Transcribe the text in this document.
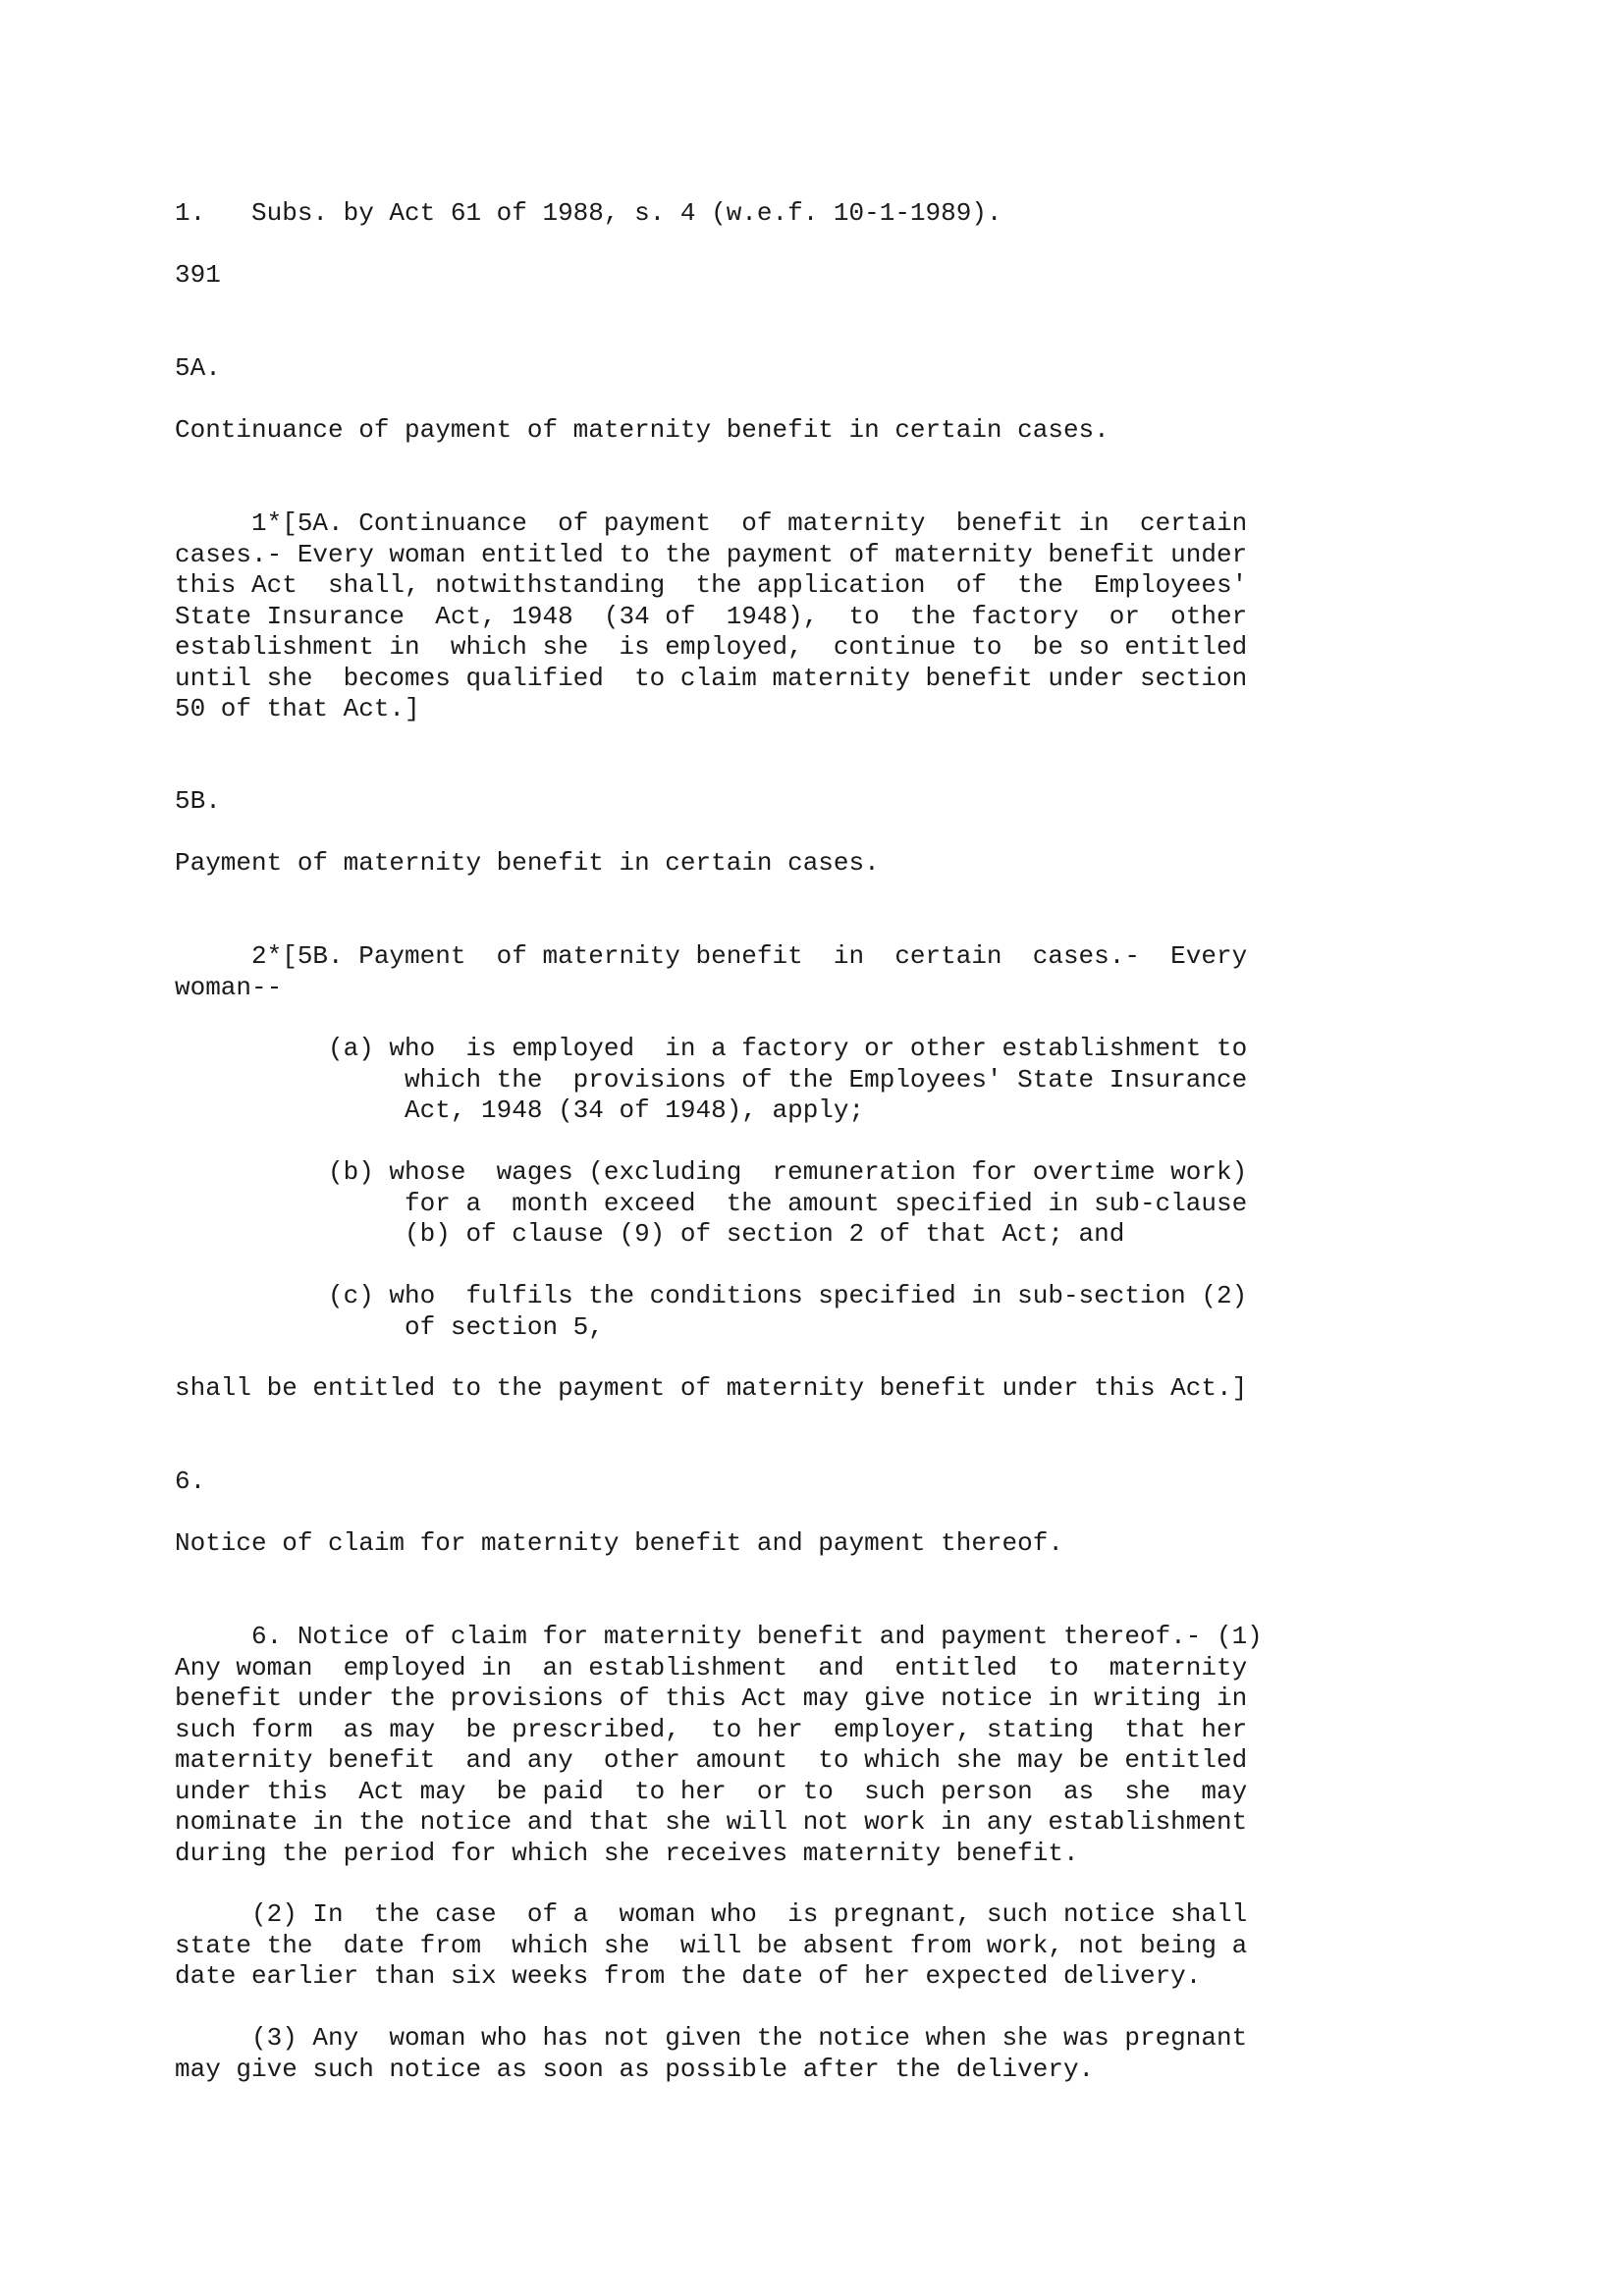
1.   Subs. by Act 61 of 1988, s. 4 (w.e.f. 10-1-1989).
391
5A.
Continuance of payment of maternity benefit in certain cases.
1*[5A. Continuance  of payment  of maternity  benefit in  certain
cases.- Every woman entitled to the payment of maternity benefit under
this Act  shall, notwithstanding  the application  of  the  Employees'
State Insurance  Act, 1948  (34 of  1948),  to  the factory  or  other
establishment in  which she  is employed,  continue to  be so entitled
until she  becomes qualified  to claim maternity benefit under section
50 of that Act.]
5B.
Payment of maternity benefit in certain cases.
2*[5B. Payment  of maternity benefit  in  certain  cases.-  Every
woman--
(a) who  is employed  in a factory or other establishment to
which the  provisions of the Employees' State Insurance
Act, 1948 (34 of 1948), apply;
(b) whose  wages (excluding  remuneration for overtime work)
for a  month exceed  the amount specified in sub-clause
(b) of clause (9) of section 2 of that Act; and
(c) who  fulfils the conditions specified in sub-section (2)
of section 5,
shall be entitled to the payment of maternity benefit under this Act.]
6.
Notice of claim for maternity benefit and payment thereof.
6. Notice of claim for maternity benefit and payment thereof.- (1)
Any woman  employed in  an establishment  and  entitled  to  maternity
benefit under the provisions of this Act may give notice in writing in
such form  as may  be prescribed,  to her  employer, stating  that her
maternity benefit  and any  other amount  to which she may be entitled
under this  Act may  be paid  to her  or to  such person  as  she  may
nominate in the notice and that she will not work in any establishment
during the period for which she receives maternity benefit.
(2) In  the case  of a  woman who  is pregnant, such notice shall
state the  date from  which she  will be absent from work, not being a
date earlier than six weeks from the date of her expected delivery.
(3) Any  woman who has not given the notice when she was pregnant
may give such notice as soon as possible after the delivery.
